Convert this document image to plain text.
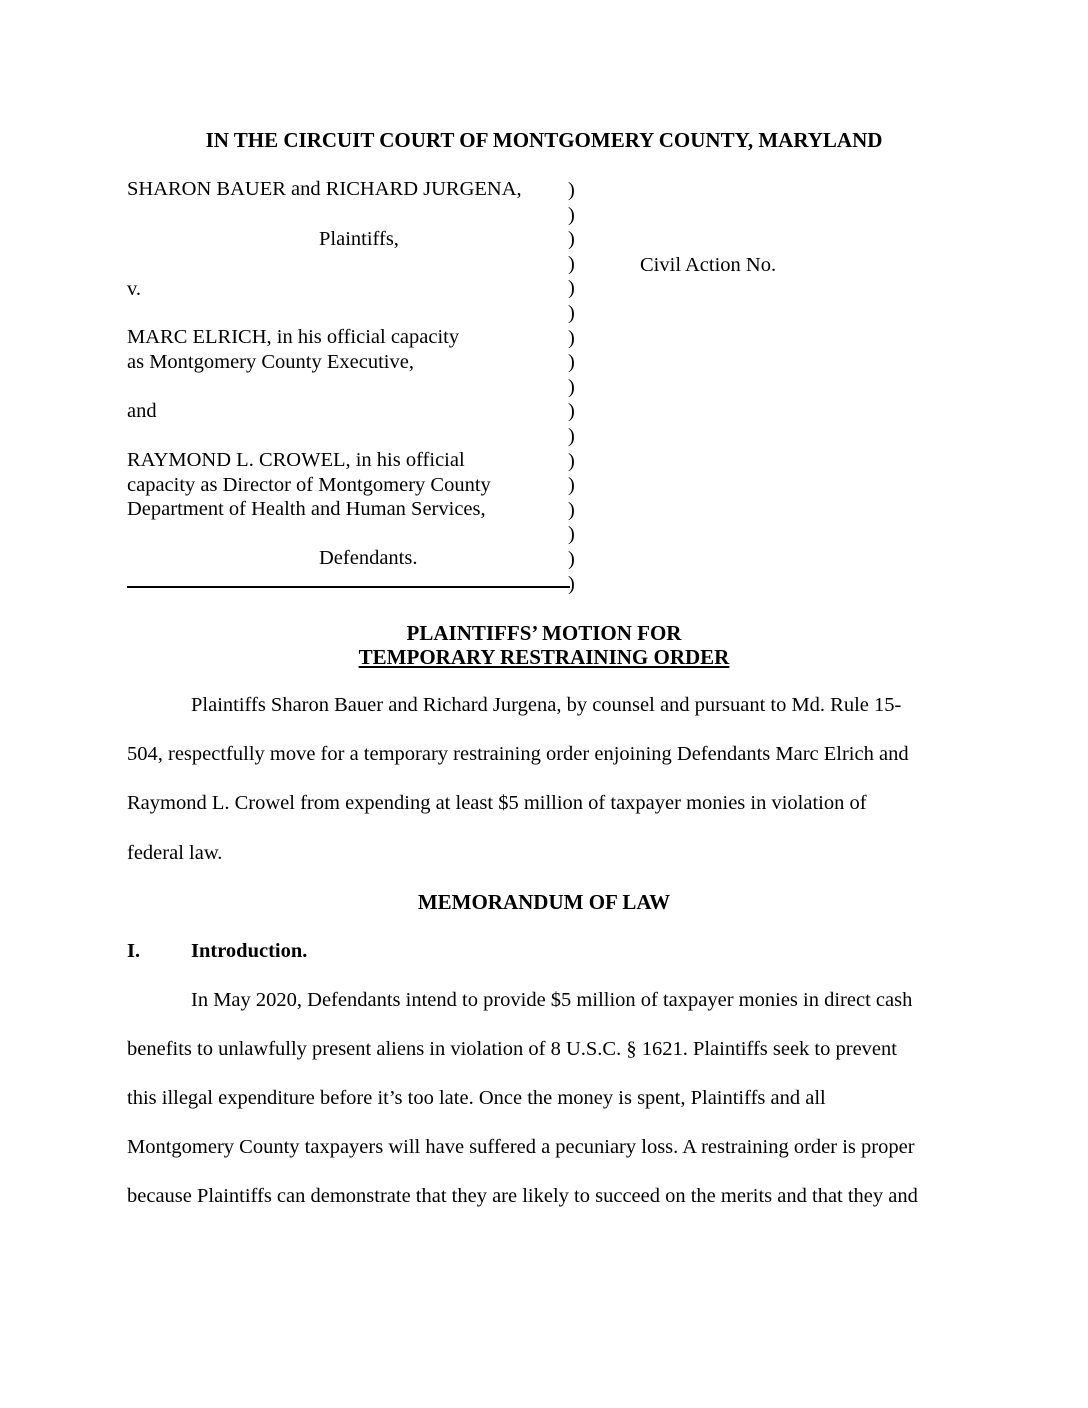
IN THE CIRCUIT COURT OF MONTGOMERY COUNTY, MARYLAND
SHARON BAUER and RICHARD JURGENA,
Plaintiffs,
v.
MARC ELRICH, in his official capacity
as Montgomery County Executive,
and
RAYMOND L. CROWEL, in his official
capacity as Director of Montgomery County
Department of Health and Human Services,
Defendants.
)
)
)
)
)
)
)
)
)
)
)
)
)
)
)
)
)
Civil Action No.
PLAINTIFFS’ MOTION FOR
TEMPORARY RESTRAINING ORDER
Plaintiffs Sharon Bauer and Richard Jurgena, by counsel and pursuant to Md. Rule 15-
504, respectfully move for a temporary restraining order enjoining Defendants Marc Elrich and
Raymond L. Crowel from expending at least $5 million of taxpayer monies in violation of
federal law.
MEMORANDUM OF LAW
I. Introduction.
In May 2020, Defendants intend to provide $5 million of taxpayer monies in direct cash
benefits to unlawfully present aliens in violation of 8 U.S.C. § 1621. Plaintiffs seek to prevent
this illegal expenditure before it’s too late. Once the money is spent, Plaintiffs and all
Montgomery County taxpayers will have suffered a pecuniary loss. A restraining order is proper
because Plaintiffs can demonstrate that they are likely to succeed on the merits and that they and
